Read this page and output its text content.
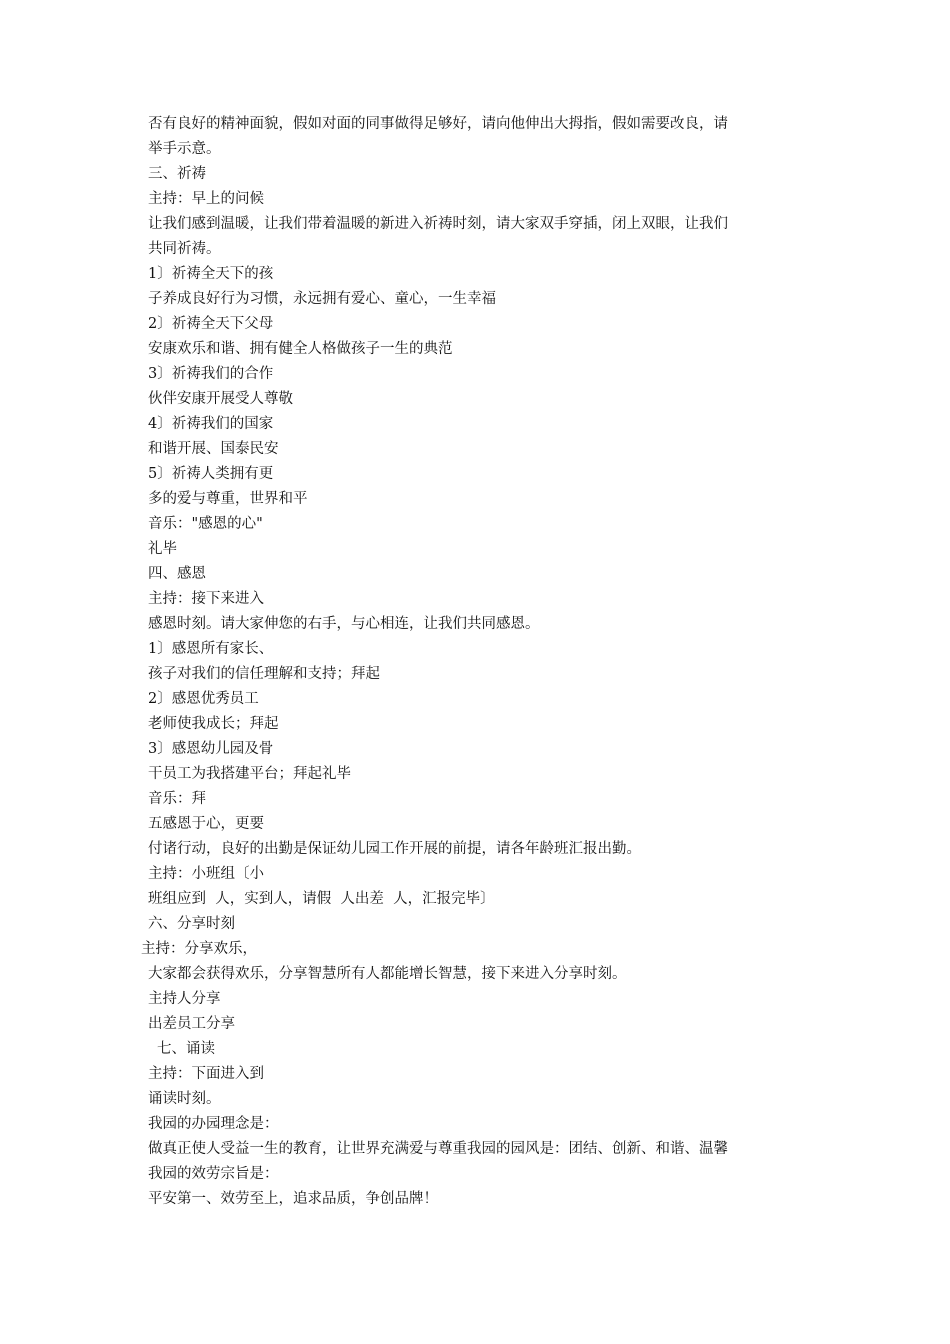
否有良好的精神面貌，假如对面的同事做得足够好，请向他伸出大拇指，假如需要改良，请
举手示意。
三、祈祷
主持：早上的问候
让我们感到温暖，让我们带着温暖的新进入祈祷时刻，请大家双手穿插，闭上双眼，让我们
共同祈祷。
1〕祈祷全天下的孩
子养成良好行为习惯，永远拥有爱心、童心，一生幸福
2〕祈祷全天下父母
安康欢乐和谐、拥有健全人格做孩子一生的典范
3〕祈祷我们的合作
伙伴安康开展受人尊敬
4〕祈祷我们的国家
和谐开展、国泰民安
5〕祈祷人类拥有更
多的爱与尊重，世界和平
音乐："感恩的心"
礼毕
四、感恩
主持：接下来进入
感恩时刻。请大家伸您的右手，与心相连，让我们共同感恩。
1〕感恩所有家长、
孩子对我们的信任理解和支持；拜起
2〕感恩优秀员工
老师使我成长；拜起
3〕感恩幼儿园及骨
干员工为我搭建平台；拜起礼毕
音乐：拜
五感恩于心，更要
付诸行动，良好的出勤是保证幼儿园工作开展的前提，请各年龄班汇报出勤。
主持：小班组〔小
班组应到  人，实到人，请假  人出差  人，汇报完毕〕
六、分享时刻
主持：分享欢乐，
大家都会获得欢乐，分享智慧所有人都能增长智慧，接下来进入分享时刻。
主持人分享
出差员工分享
七、诵读
主持：下面进入到
诵读时刻。
我园的办园理念是：
做真正使人受益一生的教育，让世界充满爱与尊重我园的园风是：团结、创新、和谐、温馨
我园的效劳宗旨是：
平安第一、效劳至上，追求品质，争创品牌！
